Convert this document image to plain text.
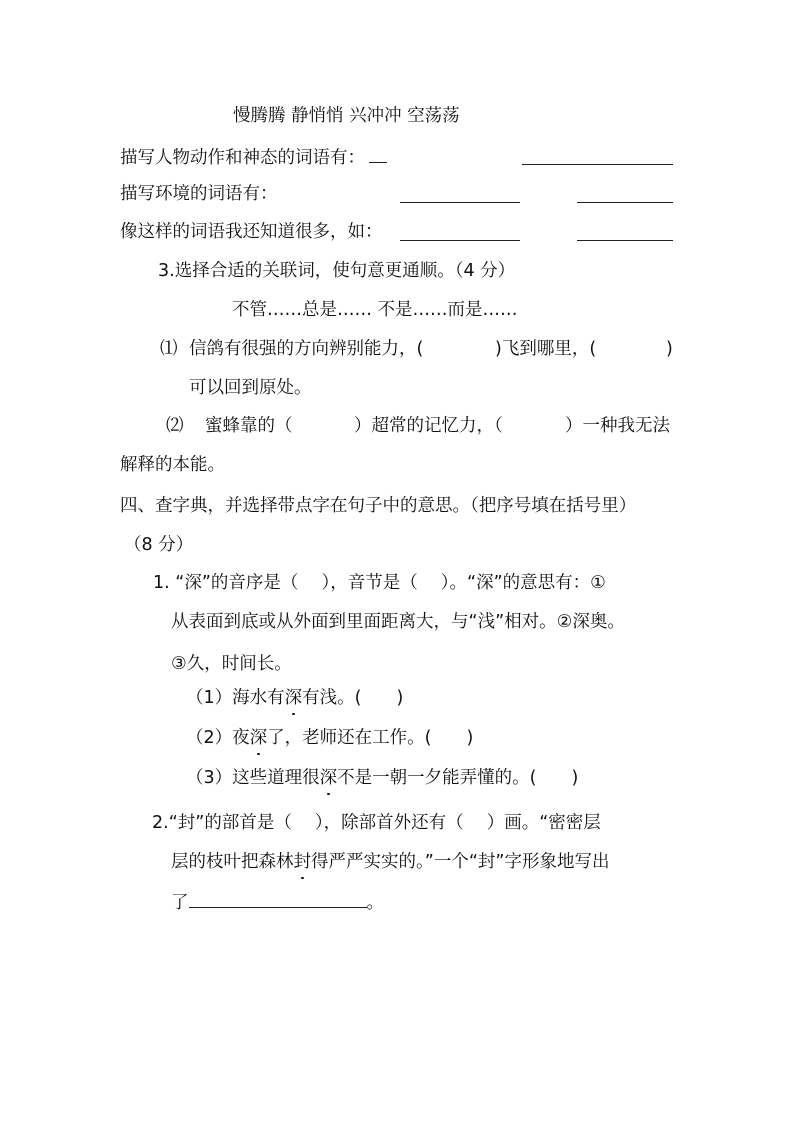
慢腾腾 静悄悄 兴冲冲 空荡荡
描写人物动作和神态的词语有：
描写环境的词语有：
像这样的词语我还知道很多，如：
3.选择合适的关联词，使句意更通顺。（4 分）
不管……总是…… 不是……而是……
⑴ 信鸽有很强的方向辨别能力，(	)飞到哪里，(	)
可以回到原处。
⑵ 蜜蜂靠的（	）超常的记忆力，（	）一种我无法
解释的本能。
四、查字典，并选择带点字在句子中的意思。（把序号填在括号里）
（8 分）
1. “深”的音序是（　 ），音节是（　 ）。“深”的意思有：①
从表面到底或从外面到里面距离大，与“浅”相对。②深奥。
③久，时间长。
（1）海水有深有浅。(　　)
（2）夜深了，老师还在工作。(　　)
（3）这些道理很深不是一朝一夕能弄懂的。(　　)
2.“封”的部首是（　 ），除部首外还有（　 ）画。“密密层
层的枝叶把森林封得严严实实的。”一个“封”字形象地写出
了	。
